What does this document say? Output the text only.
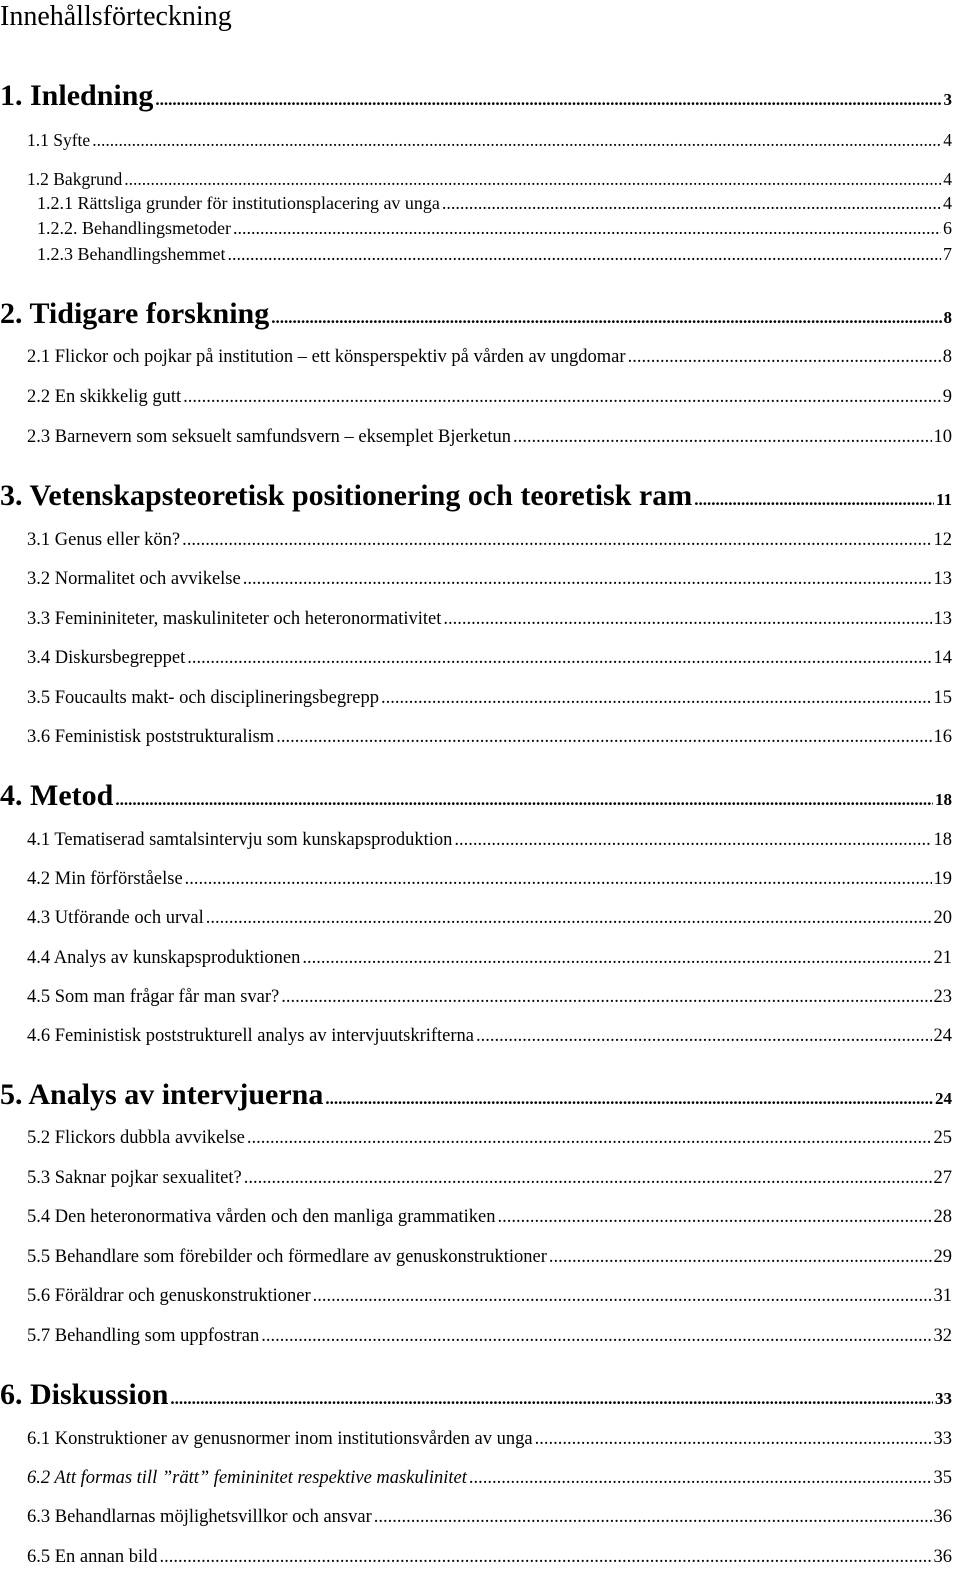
Innehållsförteckning
1. Inledning .....	3
1.1 Syfte .....	4
1.2 Bakgrund .....	4
1.2.1 Rättsliga grunder för institutionsplacering av unga .....	4
1.2.2. Behandlingsmetoder .....	6
1.2.3 Behandlingshemmet .....	7
2. Tidigare forskning .....	8
2.1 Flickor och pojkar på institution – ett könsperspektiv på vården av ungdomar .....	8
2.2 En skikkelig gutt .....	9
2.3 Barnevern som seksuelt samfundsvern – eksemplet Bjerketun .....	10
3. Vetenskapsteoretisk positionering och teoretisk ram .....	11
3.1 Genus eller kön? .....	12
3.2 Normalitet och avvikelse .....	13
3.3 Femininiteter, maskuliniteter och heteronormativitet .....	13
3.4 Diskursbegreppet .....	14
3.5 Foucaults makt- och disciplineringsbegrepp .....	15
3.6 Feministisk poststrukturalism .....	16
4. Metod .....	18
4.1 Tematiserad samtalsintervju som kunskapsproduktion .....	18
4.2 Min förförståelse .....	19
4.3 Utförande och urval .....	20
4.4 Analys av kunskapsproduktionen .....	21
4.5 Som man frågar får man svar? .....	23
4.6 Feministisk poststrukturell analys av intervjuutskrifterna .....	24
5. Analys av intervjuerna .....	24
5.2 Flickors dubbla avvikelse .....	25
5.3 Saknar pojkar sexualitet? .....	27
5.4 Den heteronormativa vården och den manliga grammatiken .....	28
5.5 Behandlare som förebilder och förmedlare av genuskonstruktioner .....	29
5.6 Föräldrar och genuskonstruktioner .....	31
5.7 Behandling som uppfostran .....	32
6. Diskussion .....	33
6.1 Konstruktioner av genusnormer inom institutionsvården av unga .....	33
6.2 Att formas till ”rätt” femininitet respektive maskulinitet .....	35
6.3 Behandlarnas möjlighetsvillkor och ansvar .....	36
6.5 En annan bild .....	36
